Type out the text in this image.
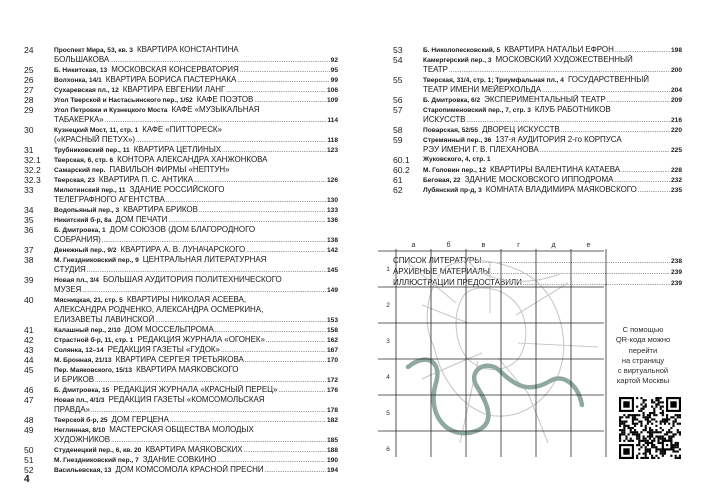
24	Проспект Мира, 53, кв. 3 КВАРТИРА КОНСТАНТИНА
БОЛЬШАКОВА .....	92
25	Б. Никитская, 13 МОСКОВСКАЯ КОНСЕРВАТОРИЯ .....	95
26	Волхонка, 14/1 КВАРТИРА БОРИСА ПАСТЕРНАКА .....	99
27	Сухаревская пл., 12 КВАРТИРА ЕВГЕНИИ ЛАНГ .....	106
28	Угол Тверской и Настасьинского пер., 1/52 КАФЕ ПОЭТОВ .....	109
29	Угол Петровки и Кузнецкого Моста КАФЕ «МУЗЫКАЛЬНАЯ
ТАБАКЕРКА» .....	114
30	Кузнецкий Мост, 11, стр. 1 КАФЕ «ПИТТОРЕСК»
(«КРАСНЫЙ ПЕТУХ») .....	118
31	Трубниковский пер., 11 КВАРТИРА ЦЕТЛИНЫХ .....	123
32.1	Тверская, 6, стр. 6 КОНТОРА АЛЕКСАНДРА ХАНЖОНКОВА
32.2	Самарский пер. ПАВИЛЬОН ФИРМЫ «НЕПТУН»
32.3	Тверская, 23 КВАРТИРА П. С. АНТИКА .....	126
33	Милютинский пер., 11 ЗДАНИЕ РОССИЙСКОГО
ТЕЛЕГРАФНОГО АГЕНТСТВА .....	130
34	Водопьяный пер., 3 КВАРТИРА БРИКОВ .....	133
35	Никитский б-р, 8а ДОМ ПЕЧАТИ .....	136
36	Б. Дмитровка, 1 ДОМ СОЮЗОВ (ДОМ БЛАГОРОДНОГО
СОБРАНИЯ) .....	138
37	Денежный пер., 9/2 КВАРТИРА А. В. ЛУНАЧАРСКОГО .....	142
38	М. Гнездниковский пер., 9 ЦЕНТРАЛЬНАЯ ЛИТЕРАТУРНАЯ
СТУДИЯ .....	145
39	Новая пл., 3/4 БОЛЬШАЯ АУДИТОРИЯ ПОЛИТЕХНИЧЕСКОГО
МУЗЕЯ .....	149
40	Мясницкая, 21, стр. 5 КВАРТИРЫ НИКОЛАЯ АСЕЕВА,
АЛЕКСАНДРА РОДЧЕНКО, АЛЕКСАНДРА ОСМЕРКИНА,
ЕЛИЗАВЕТЫ ЛАВИНСКОЙ .....	153
41	Калашный пер., 2/10 ДОМ МОССЕЛЬПРОМА .....	158
42	Страстной б-р, 11, стр. 1 РЕДАКЦИЯ ЖУРНАЛА «ОГОНЕК» .....	162
43	Солянка, 12–14 РЕДАКЦИЯ ГАЗЕТЫ «ГУДОК» .....	167
44	М. Бронная, 21/13 КВАРТИРА СЕРГЕЯ ТРЕТЬЯКОВА .....	170
45	Пер. Маяковского, 15/13 КВАРТИРА МАЯКОВСКОГО
И БРИКОВ .....	172
46	Б. Дмитровка, 15 РЕДАКЦИЯ ЖУРНАЛА «КРАСНЫЙ ПЕРЕЦ» .....	176
47	Новая пл., 4/1/3 РЕДАКЦИЯ ГАЗЕТЫ «КОМСОМОЛЬСКАЯ
ПРАВДА» .....	178
48	Тверской б-р, 25 ДОМ ГЕРЦЕНА .....	182
49	Неглинная, 8/10 МАСТЕРСКАЯ ОБЩЕСТВА МОЛОДЫХ
ХУДОЖНИКОВ .....	185
50	Студенецкий пер., 6, кв. 20 КВАРТИРА МАЯКОВСКИХ .....	188
51	М. Гнездниковский пер., 7 ЗДАНИЕ СОВКИНО .....	190
52	Васильевская, 13 ДОМ КОМСОМОЛА КРАСНОЙ ПРЕСНИ .....	194
53	Б. Николопесковский, 5 КВАРТИРА НАТАЛЬИ ЕФРОН .....	198
54	Камергерский пер., 3 МОСКОВСКИЙ ХУДОЖЕСТВЕННЫЙ
ТЕАТР .....	200
55	Тверская, 31/4, стр. 1; Триумфальная пл., 4 ГОСУДАРСТВЕННЫЙ
ТЕАТР ИМЕНИ МЕЙЕРХОЛЬДА .....	204
56	Б. Дмитровка, 6/2 ЭКСПЕРИМЕНТАЛЬНЫЙ ТЕАТР .....	209
57	Старопименовский пер., 7, стр. 3 КЛУБ РАБОТНИКОВ
ИСКУССТВ .....	216
58	Поварская, 52/55 ДВОРЕЦ ИСКУССТВ .....	220
59	Стремянный пер., 36 137-я АУДИТОРИЯ 2-го КОРПУСА
РЭУ ИМЕНИ Г. В. ПЛЕХАНОВА .....	225
60.1	Жуковского, 4, стр. 1
60.2	М. Головин пер., 12 КВАРТИРЫ ВАЛЕНТИНА КАТАЕВА .....	228
61	Беговая, 22 ЗДАНИЕ МОСКОВСКОГО ИППОДРОМА .....	232
62	Лубянский пр-д, 3 КОМНАТА ВЛАДИМИРА МАЯКОВСКОГО .....	235
СПИСОК ЛИТЕРАТУРЫ .....	238
АРХИВНЫЕ МАТЕРИАЛЫ .....	239
ИЛЛЮСТРАЦИИ ПРЕДОСТАВИЛИ .....	239
а	б	в	г	д	е
1
2
3
4
5
6
С помощью
QR-кода можно
перейти
на страницу
с виртуальной
картой Москвы
4
